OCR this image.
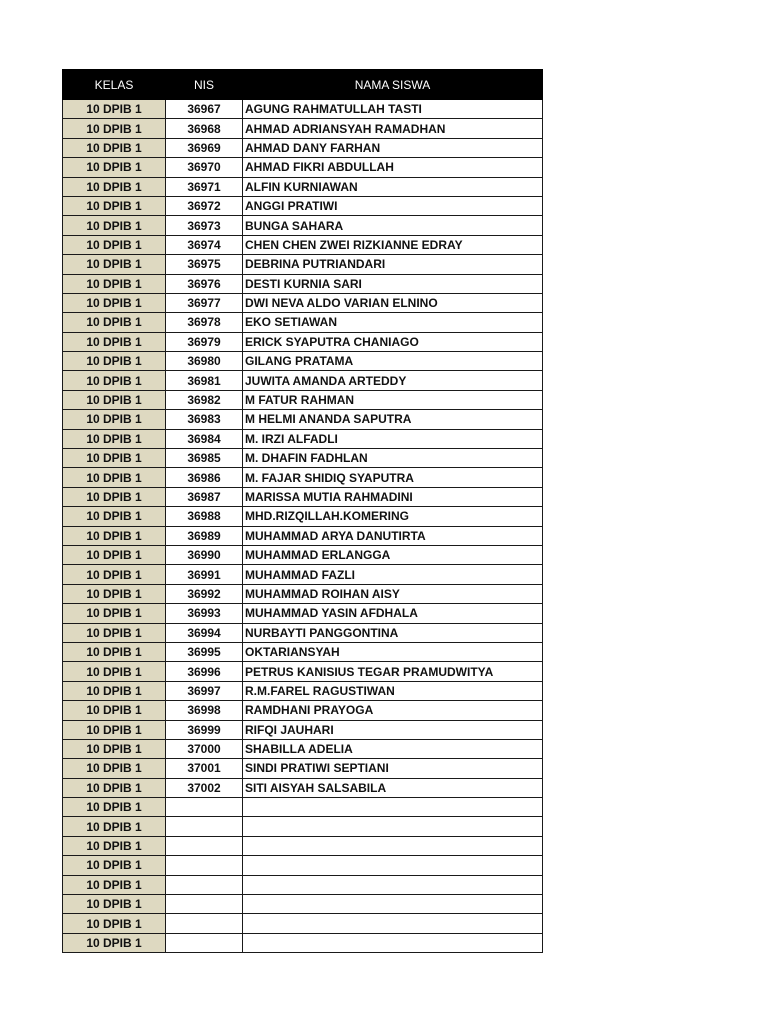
KELAS	NIS	NAMA SISWA
10 DPIB 1	36967	AGUNG RAHMATULLAH TASTI
10 DPIB 1	36968	AHMAD ADRIANSYAH RAMADHAN
10 DPIB 1	36969	AHMAD DANY FARHAN
10 DPIB 1	36970	AHMAD FIKRI ABDULLAH
10 DPIB 1	36971	ALFIN KURNIAWAN
10 DPIB 1	36972	ANGGI PRATIWI
10 DPIB 1	36973	BUNGA SAHARA
10 DPIB 1	36974	CHEN CHEN ZWEI RIZKIANNE EDRAY
10 DPIB 1	36975	DEBRINA PUTRIANDARI
10 DPIB 1	36976	DESTI KURNIA SARI
10 DPIB 1	36977	DWI NEVA ALDO VARIAN ELNINO
10 DPIB 1	36978	EKO SETIAWAN
10 DPIB 1	36979	ERICK SYAPUTRA CHANIAGO
10 DPIB 1	36980	GILANG PRATAMA
10 DPIB 1	36981	JUWITA AMANDA ARTEDDY
10 DPIB 1	36982	M FATUR RAHMAN
10 DPIB 1	36983	M HELMI ANANDA SAPUTRA
10 DPIB 1	36984	M. IRZI ALFADLI
10 DPIB 1	36985	M. DHAFIN FADHLAN
10 DPIB 1	36986	M. FAJAR SHIDIQ SYAPUTRA
10 DPIB 1	36987	MARISSA MUTIA RAHMADINI
10 DPIB 1	36988	MHD.RIZQILLAH.KOMERING
10 DPIB 1	36989	MUHAMMAD ARYA DANUTIRTA
10 DPIB 1	36990	MUHAMMAD ERLANGGA
10 DPIB 1	36991	MUHAMMAD FAZLI
10 DPIB 1	36992	MUHAMMAD ROIHAN AISY
10 DPIB 1	36993	MUHAMMAD YASIN AFDHALA
10 DPIB 1	36994	NURBAYTI PANGGONTINA
10 DPIB 1	36995	OKTARIANSYAH
10 DPIB 1	36996	PETRUS KANISIUS TEGAR PRAMUDWITYA
10 DPIB 1	36997	R.M.FAREL RAGUSTIWAN
10 DPIB 1	36998	RAMDHANI PRAYOGA
10 DPIB 1	36999	RIFQI JAUHARI
10 DPIB 1	37000	SHABILLA ADELIA
10 DPIB 1	37001	SINDI PRATIWI SEPTIANI
10 DPIB 1	37002	SITI AISYAH SALSABILA
10 DPIB 1		
10 DPIB 1		
10 DPIB 1		
10 DPIB 1		
10 DPIB 1		
10 DPIB 1		
10 DPIB 1		
10 DPIB 1		
